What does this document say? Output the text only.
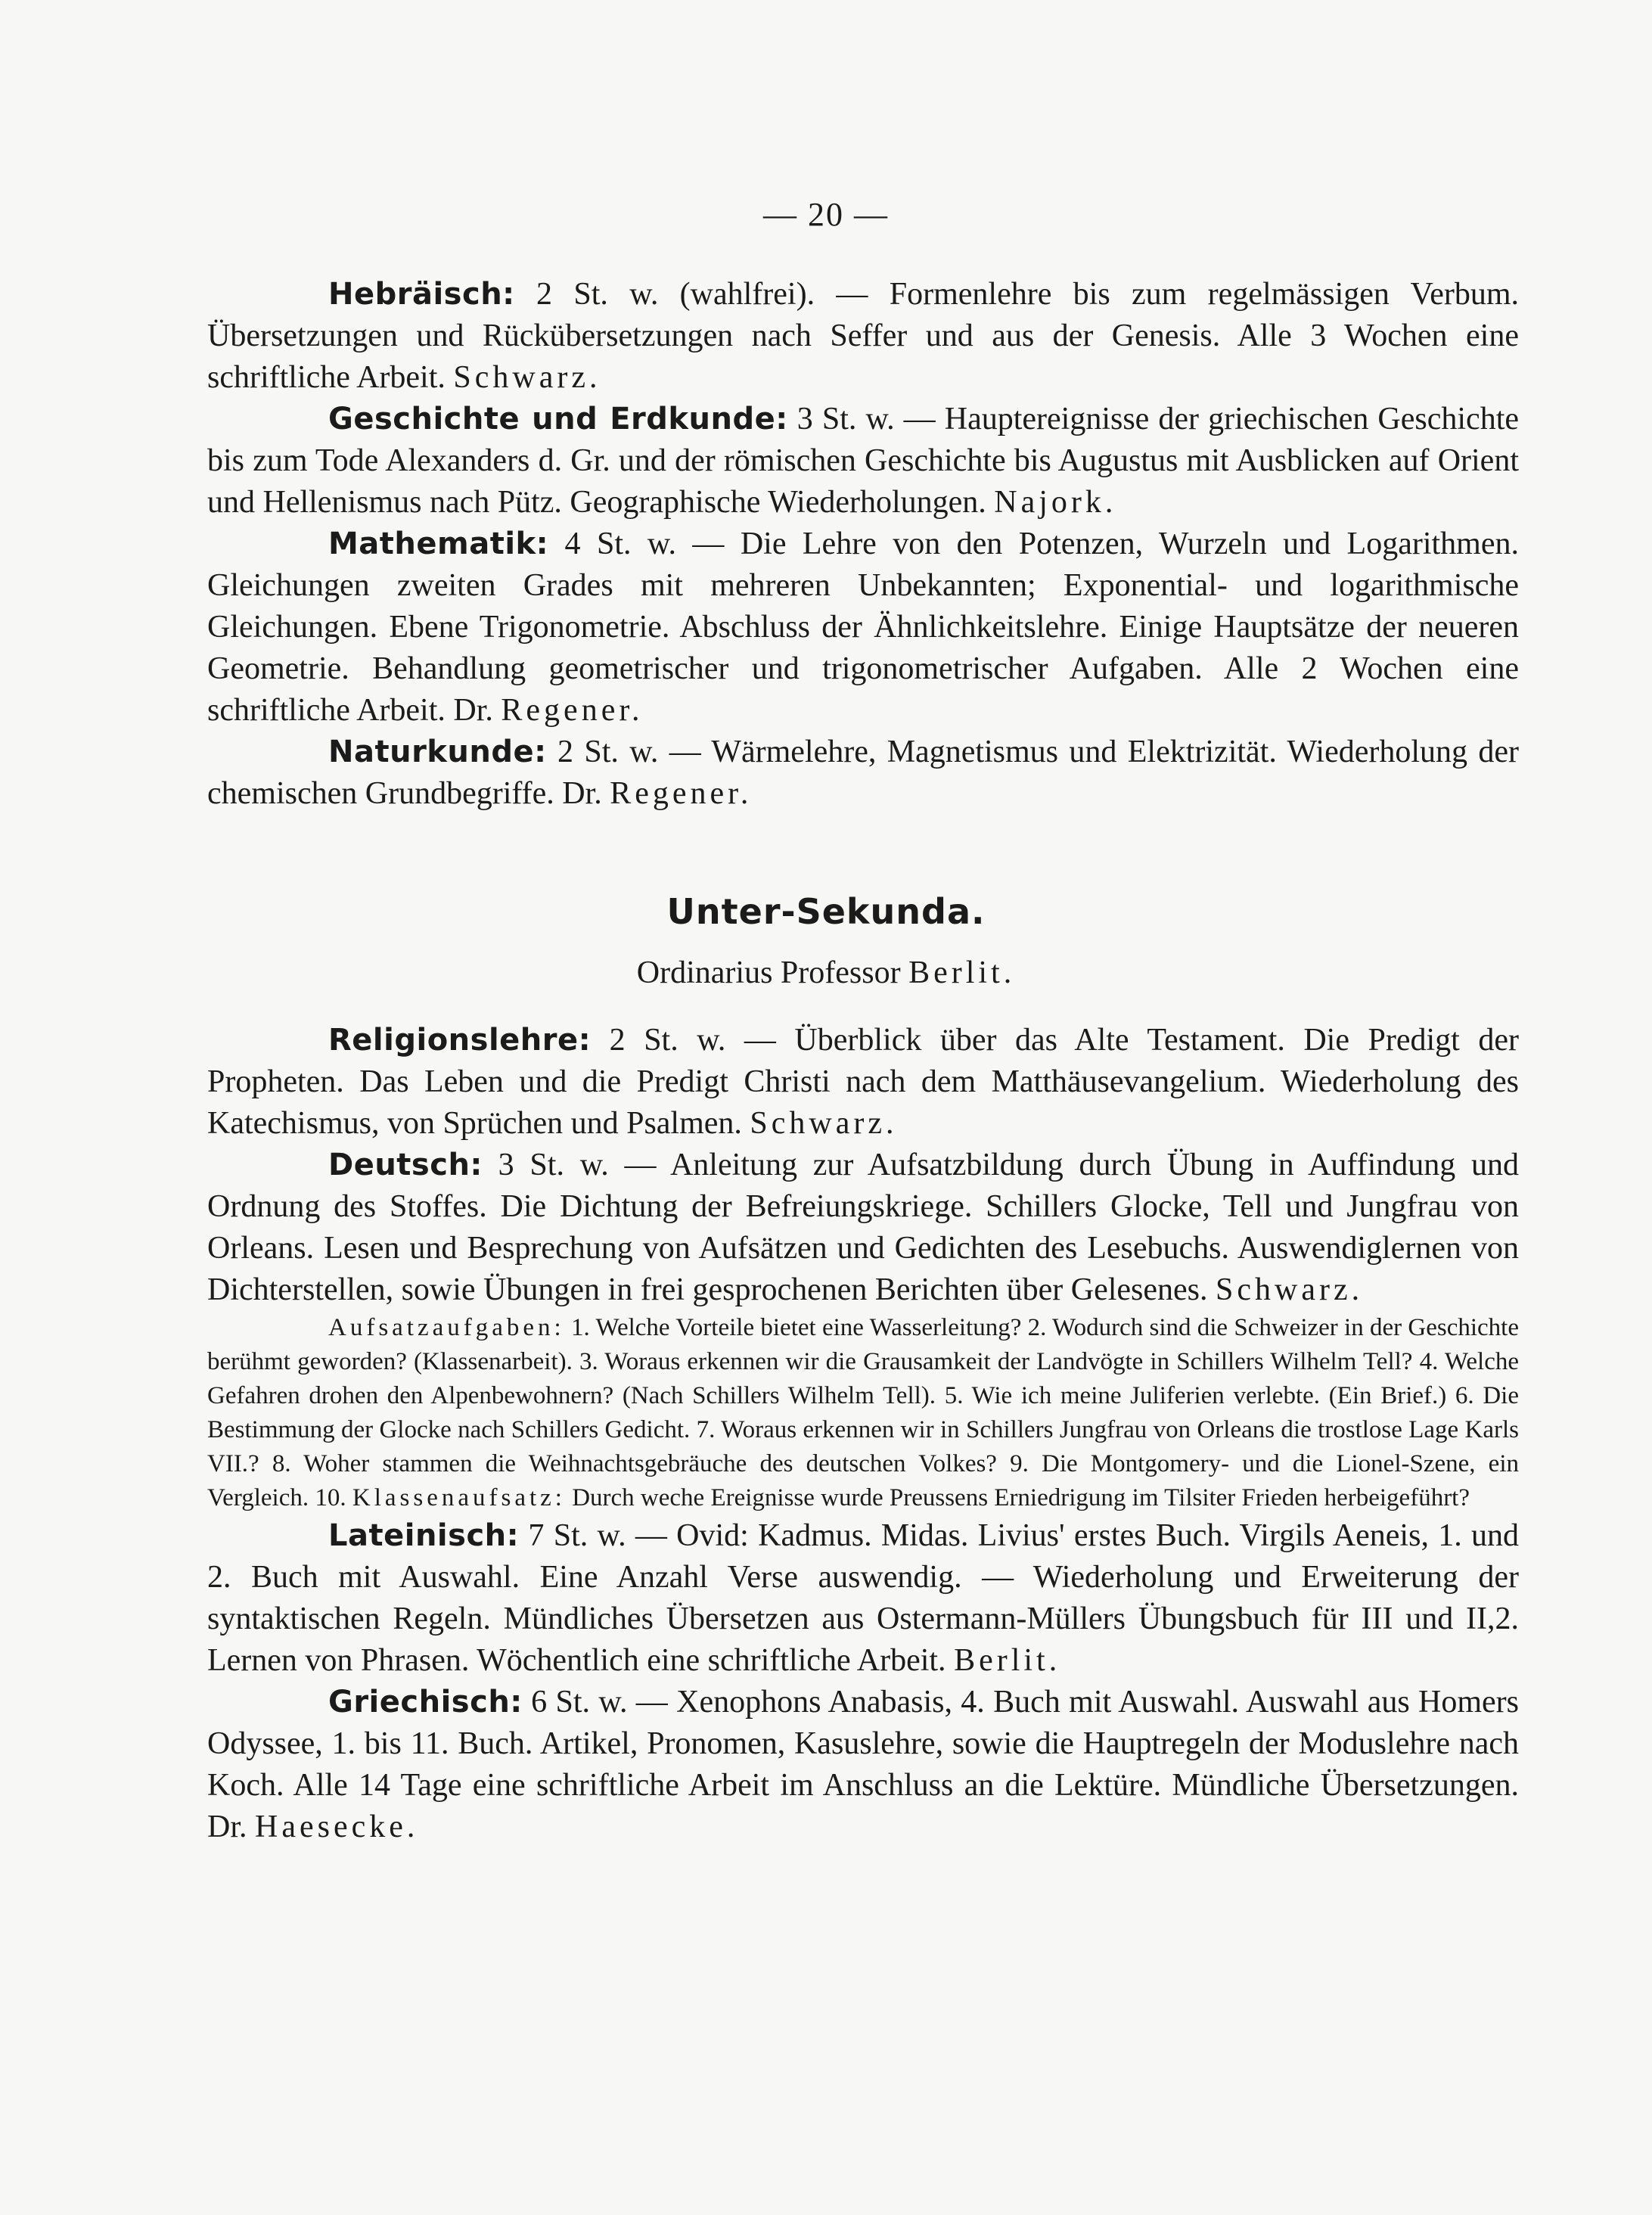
— 20 —

Hebräisch: 2 St. w. (wahlfrei). — Formenlehre bis zum regelmässigen Verbum. Übersetzungen und Rückübersetzungen nach Seffer und aus der Genesis. Alle 3 Wochen eine schriftliche Arbeit. Schwarz.

Geschichte und Erdkunde: 3 St. w. — Hauptereignisse der griechischen Geschichte bis zum Tode Alexanders d. Gr. und der römischen Geschichte bis Augustus mit Ausblicken auf Orient und Hellenismus nach Pütz. Geographische Wiederholungen. Najork.

Mathematik: 4 St. w. — Die Lehre von den Potenzen, Wurzeln und Logarithmen. Gleichungen zweiten Grades mit mehreren Unbekannten; Exponential- und logarithmische Gleichungen. Ebene Trigonometrie. Abschluss der Ähnlichkeitslehre. Einige Hauptsätze der neueren Geometrie. Behandlung geometrischer und trigonometrischer Aufgaben. Alle 2 Wochen eine schriftliche Arbeit. Dr. Regener.

Naturkunde: 2 St. w. — Wärmelehre, Magnetismus und Elektrizität. Wiederholung der chemischen Grundbegriffe. Dr. Regener.

Unter-Sekunda.
Ordinarius Professor Berlit.

Religionslehre: 2 St. w. — Überblick über das Alte Testament. Die Predigt der Propheten. Das Leben und die Predigt Christi nach dem Matthäusevangelium. Wiederholung des Katechismus, von Sprüchen und Psalmen. Schwarz.

Deutsch: 3 St. w. — Anleitung zur Aufsatzbildung durch Übung in Auffindung und Ordnung des Stoffes. Die Dichtung der Befreiungskriege. Schillers Glocke, Tell und Jungfrau von Orleans. Lesen und Besprechung von Aufsätzen und Gedichten des Lesebuchs. Auswendiglernen von Dichterstellen, sowie Übungen in frei gesprochenen Berichten über Gelesenes. Schwarz.

Aufsatzaufgaben: 1. Welche Vorteile bietet eine Wasserleitung? 2. Wodurch sind die Schweizer in der Geschichte berühmt geworden? (Klassenarbeit). 3. Woraus erkennen wir die Grausamkeit der Landvögte in Schillers Wilhelm Tell? 4. Welche Gefahren drohen den Alpenbewohnern? (Nach Schillers Wilhelm Tell). 5. Wie ich meine Juliferien verlebte. (Ein Brief.) 6. Die Bestimmung der Glocke nach Schillers Gedicht. 7. Woraus erkennen wir in Schillers Jungfrau von Orleans die trostlose Lage Karls VII.? 8. Woher stammen die Weihnachtsgebräuche des deutschen Volkes? 9. Die Montgomery- und die Lionel-Szene, ein Vergleich. 10. Klassenaufsatz: Durch weche Ereignisse wurde Preussens Erniedrigung im Tilsiter Frieden herbeigeführt?

Lateinisch: 7 St. w. — Ovid: Kadmus. Midas. Livius' erstes Buch. Virgils Aeneis, 1. und 2. Buch mit Auswahl. Eine Anzahl Verse auswendig. — Wiederholung und Erweiterung der syntaktischen Regeln. Mündliches Übersetzen aus Ostermann-Müllers Übungsbuch für III und II,2. Lernen von Phrasen. Wöchentlich eine schriftliche Arbeit. Berlit.

Griechisch: 6 St. w. — Xenophons Anabasis, 4. Buch mit Auswahl. Auswahl aus Homers Odyssee, 1. bis 11. Buch. Artikel, Pronomen, Kasuslehre, sowie die Hauptregeln der Moduslehre nach Koch. Alle 14 Tage eine schriftliche Arbeit im Anschluss an die Lektüre. Mündliche Übersetzungen. Dr. Haesecke.
